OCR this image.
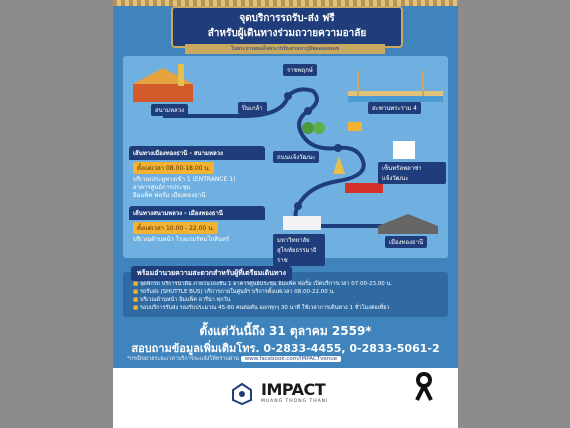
จุดบริการรถรับ-ส่ง ฟรี
สำหรับผู้เดินทางร่วมถวายความอาลัย
ในพระบาทสมเด็จพระปรมินทรมหาภูมิพลอดุลยเดช
สนามหลวง	ปิ่นเกล้า
ราชพฤกษ์
สะพานพระราม 4
ถนนแจ้งวัฒนะ
เซ็นทรัลพลาซ่า แจ้งวัฒนะ
มหาวิทยาลัย สุโขทัยธรรมาธิราช
เมืองทองธานี
เส้นทางเมืองทองธานี - สนามหลวง
ตั้งแต่เวลา 08.00-18.00 น.
บริเวณประตูทางเข้า 1 (ENTRANCE 1)
อาคารศูนย์การประชุม
อิมแพ็ค ฟอรั่ม เมืองทองธานี
เส้นทางสนามหลวง - เมืองทองธานี
ตั้งแต่เวลา 10.00 - 22.00 น.
บริเวณด้านหน้า โรงแรมรัตนโกสินทร์
พร้อมอำนวยความสะดวกสำหรับผู้ที่เตรียมเดินทาง
■ จุดพักรถ บริการน้ำดื่ม ภายในโถงชั้น 1 อาคารศูนย์ประชุม อิมแพ็ค ฟอรั่ม เปิดบริการเวลา 07.00-23.00 น.
■ รถรับส่ง (SHUTTLE BUS) บริการภายในศูนย์ฯ บริการตั้งแต่เวลา 08.00-22.00 น.
■ บริเวณด้านหน้า อิมแพ็ค อารีน่า ทุกวัน
■ รอบบริการรับส่ง รองรับประมาณ 45-80 คนต่อคัน ออกทุกๆ 30 นาที ใช้เวลาการเดินทาง 1 ชั่วโมงต่อเที่ยว
ตั้งแต่วันนี้ถึง 31 ตุลาคม 2559*
สอบถามข้อมูลเพิ่มเติมโทร. 0-2833-4455, 0-2833-5061-2
*กรณีขยายระยะเวลาบริการจะแจ้งให้ทราบผ่าน www.facebook.com/IMPACTvenue
IMPACT
MUANG THONG THANI
